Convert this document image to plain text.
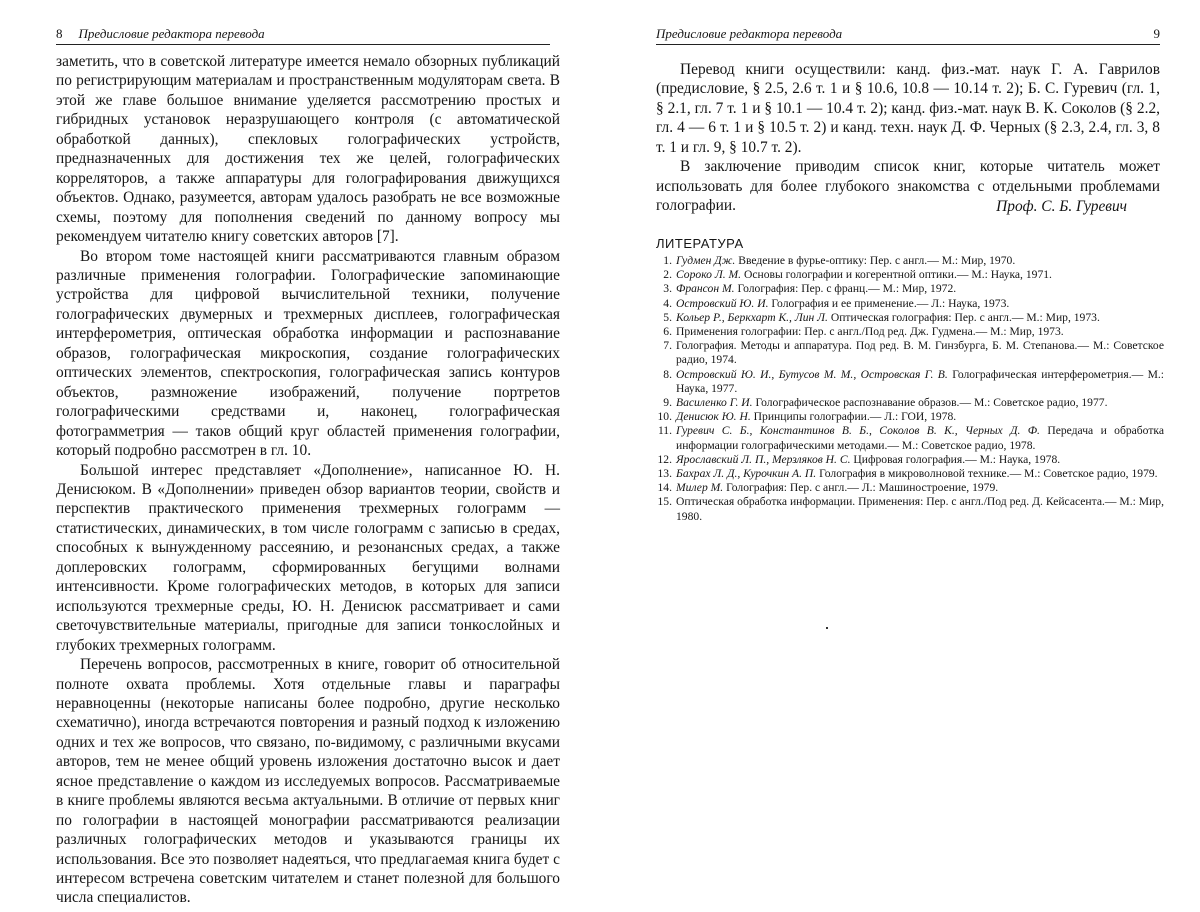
8 Предисловие редактора перевода

заметить, что в советской литературе имеется немало обзорных публикаций по регистрирующим материалам и пространственным модуляторам света. В этой же главе большое внимание уделяется рассмотрению простых и гибридных установок неразрушающего контроля (с автоматической обработкой данных), спекловых голографических устройств, предназначенных для достижения тех же целей, голографических корреляторов, а также аппаратуры для голографирования движущихся объектов. Однако, разумеется, авторам удалось разобрать не все возможные схемы, поэтому для пополнения сведений по данному вопросу мы рекомендуем читателю книгу советских авторов [7].

Во втором томе настоящей книги рассматриваются главным образом различные применения голографии. Голографические запоминающие устройства для цифровой вычислительной техники, получение голографических двумерных и трехмерных дисплеев, голографическая интерферометрия, оптическая обработка информации и распознавание образов, голографическая микроскопия, создание голографических оптических элементов, спектроскопия, голографическая запись контуров объектов, размножение изображений, получение портретов голографическими средствами и, наконец, голографическая фотограмметрия — таков общий круг областей применения голографии, который подробно рассмотрен в гл. 10.

Большой интерес представляет «Дополнение», написанное Ю. Н. Денисюком. В «Дополнении» приведен обзор вариантов теории, свойств и перспектив практического применения трехмерных голограмм — статистических, динамических, в том числе голограмм с записью в средах, способных к вынужденному рассеянию, и резонансных средах, а также доплеровских голограмм, сформированных бегущими волнами интенсивности. Кроме голографических методов, в которых для записи используются трехмерные среды, Ю. Н. Денисюк рассматривает и сами светочувствительные материалы, пригодные для записи тонкослойных и глубоких трехмерных голограмм.

Перечень вопросов, рассмотренных в книге, говорит об относительной полноте охвата проблемы. Хотя отдельные главы и параграфы неравноценны (некоторые написаны более подробно, другие несколько схематично), иногда встречаются повторения и разный подход к изложению одних и тех же вопросов, что связано, по-видимому, с различными вкусами авторов, тем не менее общий уровень изложения достаточно высок и дает ясное представление о каждом из исследуемых вопросов. Рассматриваемые в книге проблемы являются весьма актуальными. В отличие от первых книг по голографии в настоящей монографии рассматриваются реализации различных голографических методов и указываются границы их использования. Все это позволяет надеяться, что предлагаемая книга будет с интересом встречена советским читателем и станет полезной для большого числа специалистов.

Предисловие редактора перевода	9

Перевод книги осуществили: канд. физ.-мат. наук Г. А. Гаврилов (предисловие, § 2.5, 2.6 т. 1 и § 10.6, 10.8 — 10.14 т. 2); Б. С. Гуревич (гл. 1, § 2.1, гл. 7 т. 1 и § 10.1 — 10.4 т. 2); канд. физ.-мат. наук В. К. Соколов (§ 2.2, гл. 4 — 6 т. 1 и § 10.5 т. 2) и канд. техн. наук Д. Ф. Черных (§ 2.3, 2.4, гл. 3, 8 т. 1 и гл. 9, § 10.7 т. 2).

В заключение приводим список книг, которые читатель может использовать для более глубокого знакомства с отдельными проблемами голографии.	Проф. С. Б. Гуревич
ЛИТЕРАТУРА
1. Гудмен Дж. Введение в фурье-оптику: Пер. с англ.— М.: Мир, 1970.
2. Сороко Л. М. Основы голографии и когерентной оптики.— М.: Наука, 1971.
3. Франсон М. Голография: Пер. с франц.— М.: Мир, 1972.
4. Островский Ю. И. Голография и ее применение.— Л.: Наука, 1973.
5. Кольер Р., Беркхарт К., Лин Л. Оптическая голография: Пер. с англ.— М.: Мир, 1973.
6. Применения голографии: Пер. с англ./Под ред. Дж. Гудмена.— М.: Мир, 1973.
7. Голография. Методы и аппаратура. Под ред. В. М. Гинзбурга, Б. М. Степанова.— М.: Советское радио, 1974.
8. Островский Ю. И., Бутусов М. М., Островская Г. В. Голографическая интерферометрия.— М.: Наука, 1977.
9. Василенко Г. И. Голографическое распознавание образов.— М.: Советское радио, 1977.
10. Денисюк Ю. Н. Принципы голографии.— Л.: ГОИ, 1978.
11. Гуревич С. Б., Константинов В. Б., Соколов В. К., Черных Д. Ф. Передача и обработка информации голографическими методами.— М.: Советское радио, 1978.
12. Ярославский Л. П., Мерзляков Н. С. Цифровая голография.— М.: Наука, 1978.
13. Бахрах Л. Д., Курочкин А. П. Голография в микроволновой технике.— М.: Советское радио, 1979.
14. Милер М. Голография: Пер. с англ.— Л.: Машиностроение, 1979.
15. Оптическая обработка информации. Применения: Пер. с англ./Под ред. Д. Кейсасента.— М.: Мир, 1980.
